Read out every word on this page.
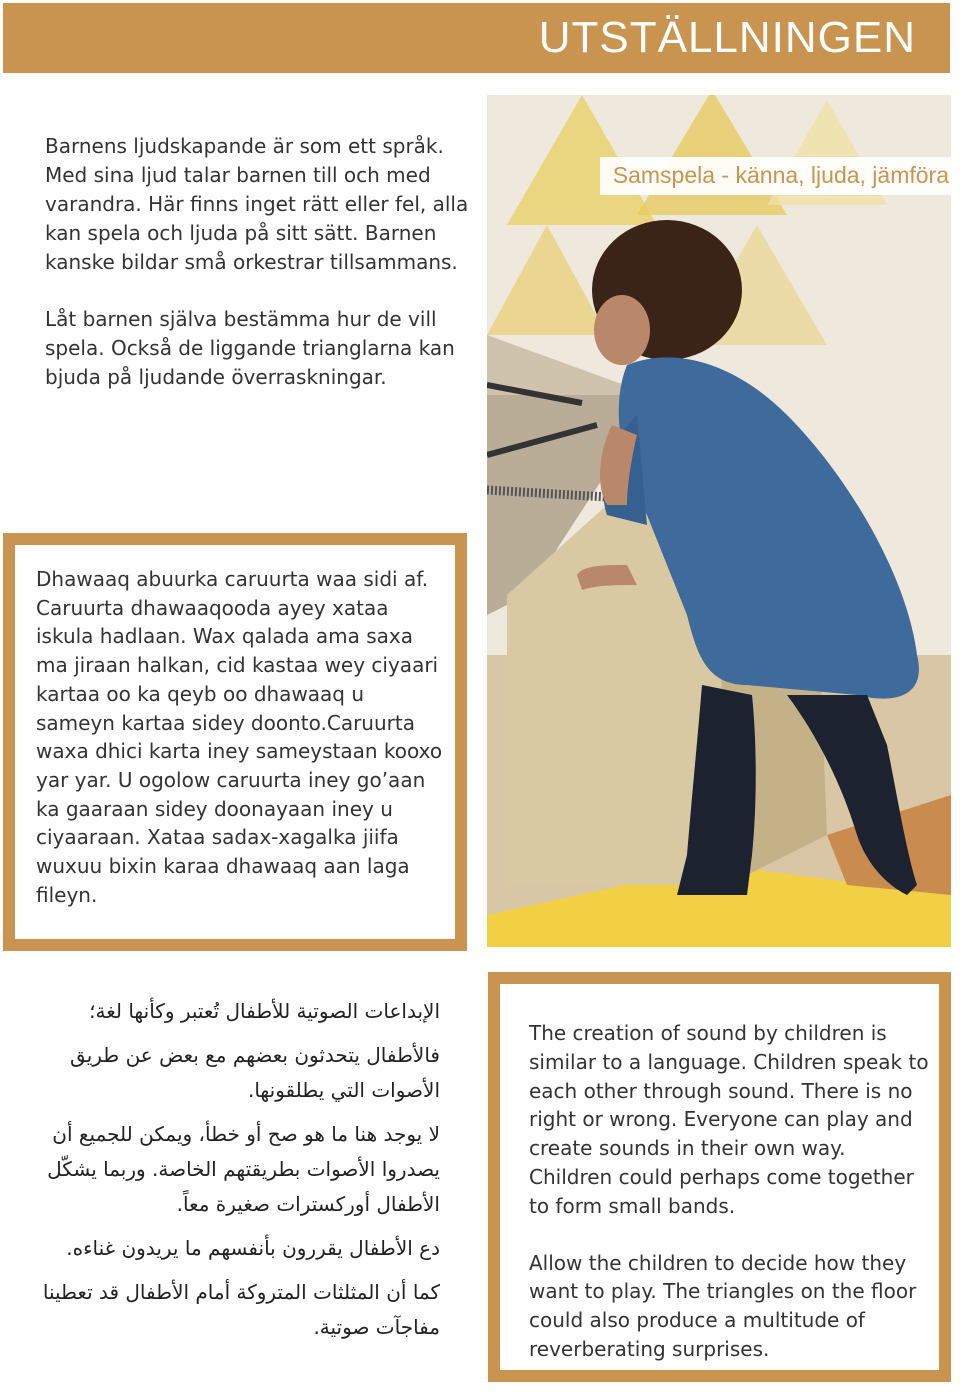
UTSTÄLLNINGEN

Barnens ljudskapande är som ett språk. Med sina ljud talar barnen till och med varandra. Här finns inget rätt eller fel, alla kan spela och ljuda på sitt sätt. Barnen kanske bildar små orkestrar tillsammans.

Låt barnen själva bestämma hur de vill spela. Också de liggande trianglarna kan bjuda på ljudande överraskningar.

Samspela - känna, ljuda, jämföra
Dhawaaq abuurka caruurta waa sidi af. Caruurta dhawaaqooda ayey xataa iskula hadlaan. Wax qalada ama saxa ma jiraan halkan, cid kastaa wey ciyaari kartaa oo ka qeyb oo dhawaaq u sameyn kartaa sidey doonto.Caruurta waxa dhici karta iney sameystaan kooxo yar yar. U ogolow caruurta iney go’aan ka gaaraan sidey doonayaan iney u ciyaaraan. Xataa sadax-xagalka jiifa wuxuu bixin karaa dhawaaq aan laga fileyn.

الإبداعات الصوتية للأطفال تُعتبر وكأنها لغة؛

فالأطفال يتحدثون بعضهم مع بعض عن طريق الأصوات التي يطلقونها.

لا يوجد هنا ما هو صح أو خطأ، ويمكن للجميع أن يصدروا الأصوات بطريقتهم الخاصة. وربما يشكّل الأطفال أوركسترات صغيرة معاً.

دع الأطفال يقررون بأنفسهم ما يريدون غناءه.

كما أن المثلثات المتروكة أمام الأطفال قد تعطينا مفاجآت صوتية.

The creation of sound by children is similar to a language. Children speak to each other through sound. There is no right or wrong. Everyone can play and create sounds in their own way. Children could perhaps come together to form small bands.

Allow the children to decide how they want to play. The triangles on the floor could also produce a multitude of reverberating surprises.
